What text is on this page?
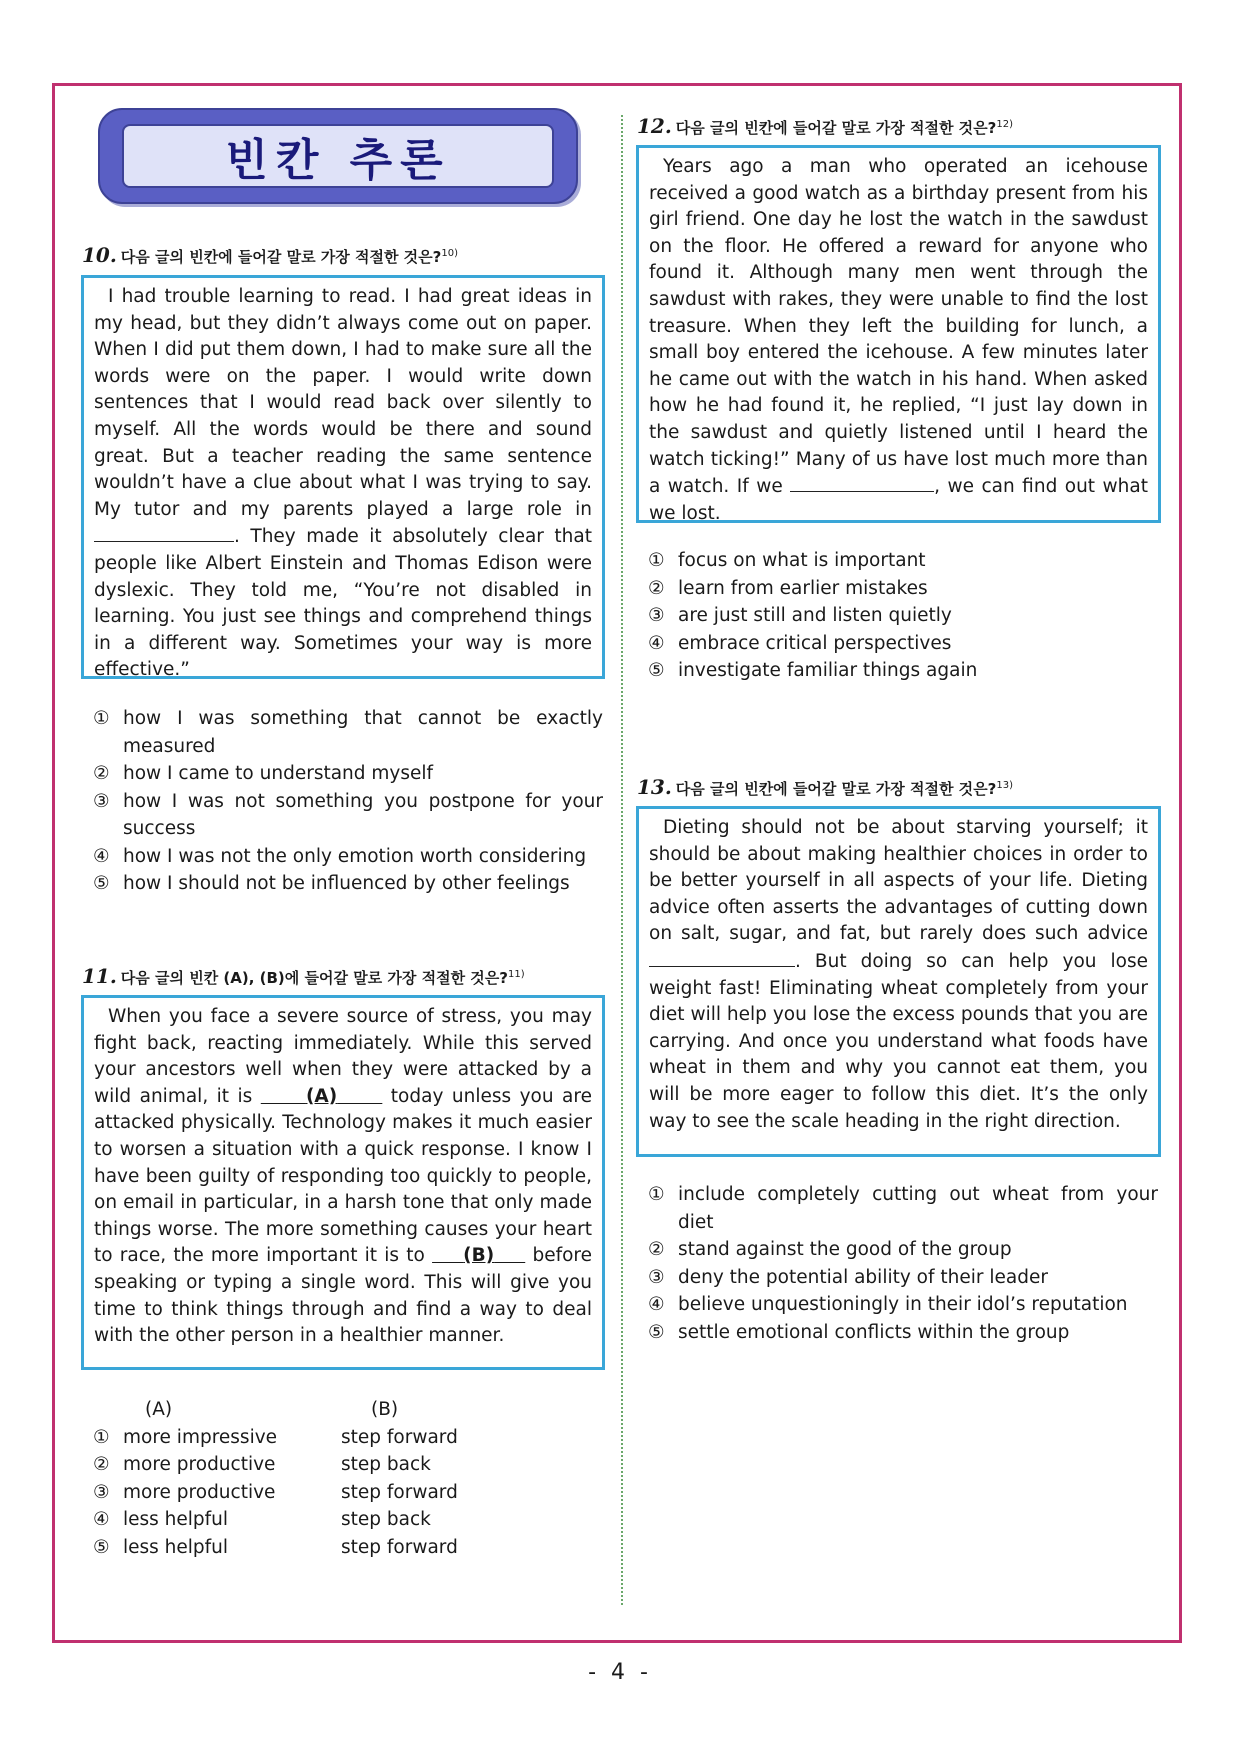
빈칸 추론
10. 다음 글의 빈칸에 들어갈 말로 가장 적절한 것은?$^{10)}$
I had trouble learning to read. I had great ideas in my head, but they didn’t always come out on paper. When I did put them down, I had to make sure all the words were on the paper. I would write down sentences that I would read back over silently to myself. All the words would be there and sound great. But a teacher reading the same sentence wouldn’t have a clue about what I was trying to say. My tutor and my parents played a large role in . They made it absolutely clear that people like Albert Einstein and Thomas Edison were dyslexic. They told me, “You’re not disabled in learning. You just see things and comprehend things in a different way. Sometimes your way is more effective.”
① how I was something that cannot be exactly measured
② how I came to understand myself
③ how I was not something you postpone for your success
④ how I was not the only emotion worth considering
⑤ how I should not be influenced by other feelings
11. 다음 글의 빈칸 (A), (B)에 들어갈 말로 가장 적절한 것은?$^{11)}$
When you face a severe source of stress, you may fight back, reacting immediately. While this served your ancestors well when they were attacked by a wild animal, it is	(A)	today unless you are attacked physically. Technology makes it much easier to worsen a situation with a quick response. I know I have been guilty of responding too quickly to people, on email in particular, in a harsh tone that only made things worse. The more something causes your heart to race, the more important it is to (B) before speaking or typing a single word. This will give you time to think things through and find a way to deal with the other person in a healthier manner.
(A)	(B)
① more impressive	step forward
② more productive	step back
③ more productive	step forward
④ less helpful	step back
⑤ less helpful	step forward
12. 다음 글의 빈칸에 들어갈 말로 가장 적절한 것은?$^{12)}$
Years ago a man who operated an icehouse received a good watch as a birthday present from his girl friend. One day he lost the watch in the sawdust on the floor. He offered a reward for anyone who found it. Although many men went through the sawdust with rakes, they were unable to find the lost treasure. When they left the building for lunch, a small boy entered the icehouse. A few minutes later he came out with the watch in his hand. When asked how he had found it, he replied, “I just lay down in the sawdust and quietly listened until I heard the watch ticking!” Many of us have lost much more than a watch. If we	, we can find out what we lost.
① focus on what is important
② learn from earlier mistakes
③ are just still and listen quietly
④ embrace critical perspectives
⑤ investigate familiar things again
13. 다음 글의 빈칸에 들어갈 말로 가장 적절한 것은?$^{13)}$
Dieting should not be about starving yourself; it should be about making healthier choices in order to be better yourself in all aspects of your life. Dieting advice often asserts the advantages of cutting down on salt, sugar, and fat, but rarely does such advice . But doing so can help you lose weight fast! Eliminating wheat completely from your diet will help you lose the excess pounds that you are carrying. And once you understand what foods have wheat in them and why you cannot eat them, you will be more eager to follow this diet. It’s the only way to see the scale heading in the right direction.
① include completely cutting out wheat from your diet
② stand against the good of the group
③ deny the potential ability of their leader
④ believe unquestioningly in their idol’s reputation
⑤ settle emotional conflicts within the group
- 4 -
